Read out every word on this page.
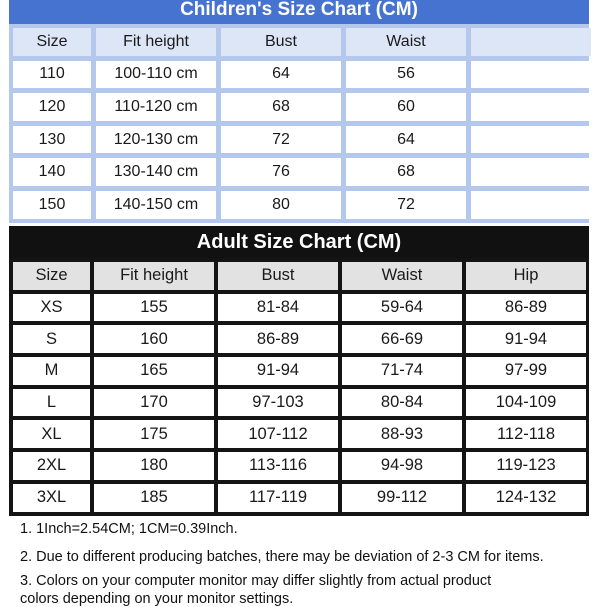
Children's Size Chart (CM)
Size	Fit height	Bust	Waist
110	100-110 cm	64	56
120	110-120 cm	68	60
130	120-130 cm	72	64
140	130-140 cm	76	68
150	140-150 cm	80	72
Adult Size Chart (CM)
Size	Fit height	Bust	Waist	Hip
XS	155	81-84	59-64	86-89
S	160	86-89	66-69	91-94
M	165	91-94	71-74	97-99
L	170	97-103	80-84	104-109
XL	175	107-112	88-93	112-118
2XL	180	113-116	94-98	119-123
3XL	185	117-119	99-112	124-132
1. 1Inch=2.54CM; 1CM=0.39Inch.
2. Due to different producing batches, there may be deviation of 2-3 CM for items.
3. Colors on your computer monitor may differ slightly from actual product
colors depending on your monitor settings.
